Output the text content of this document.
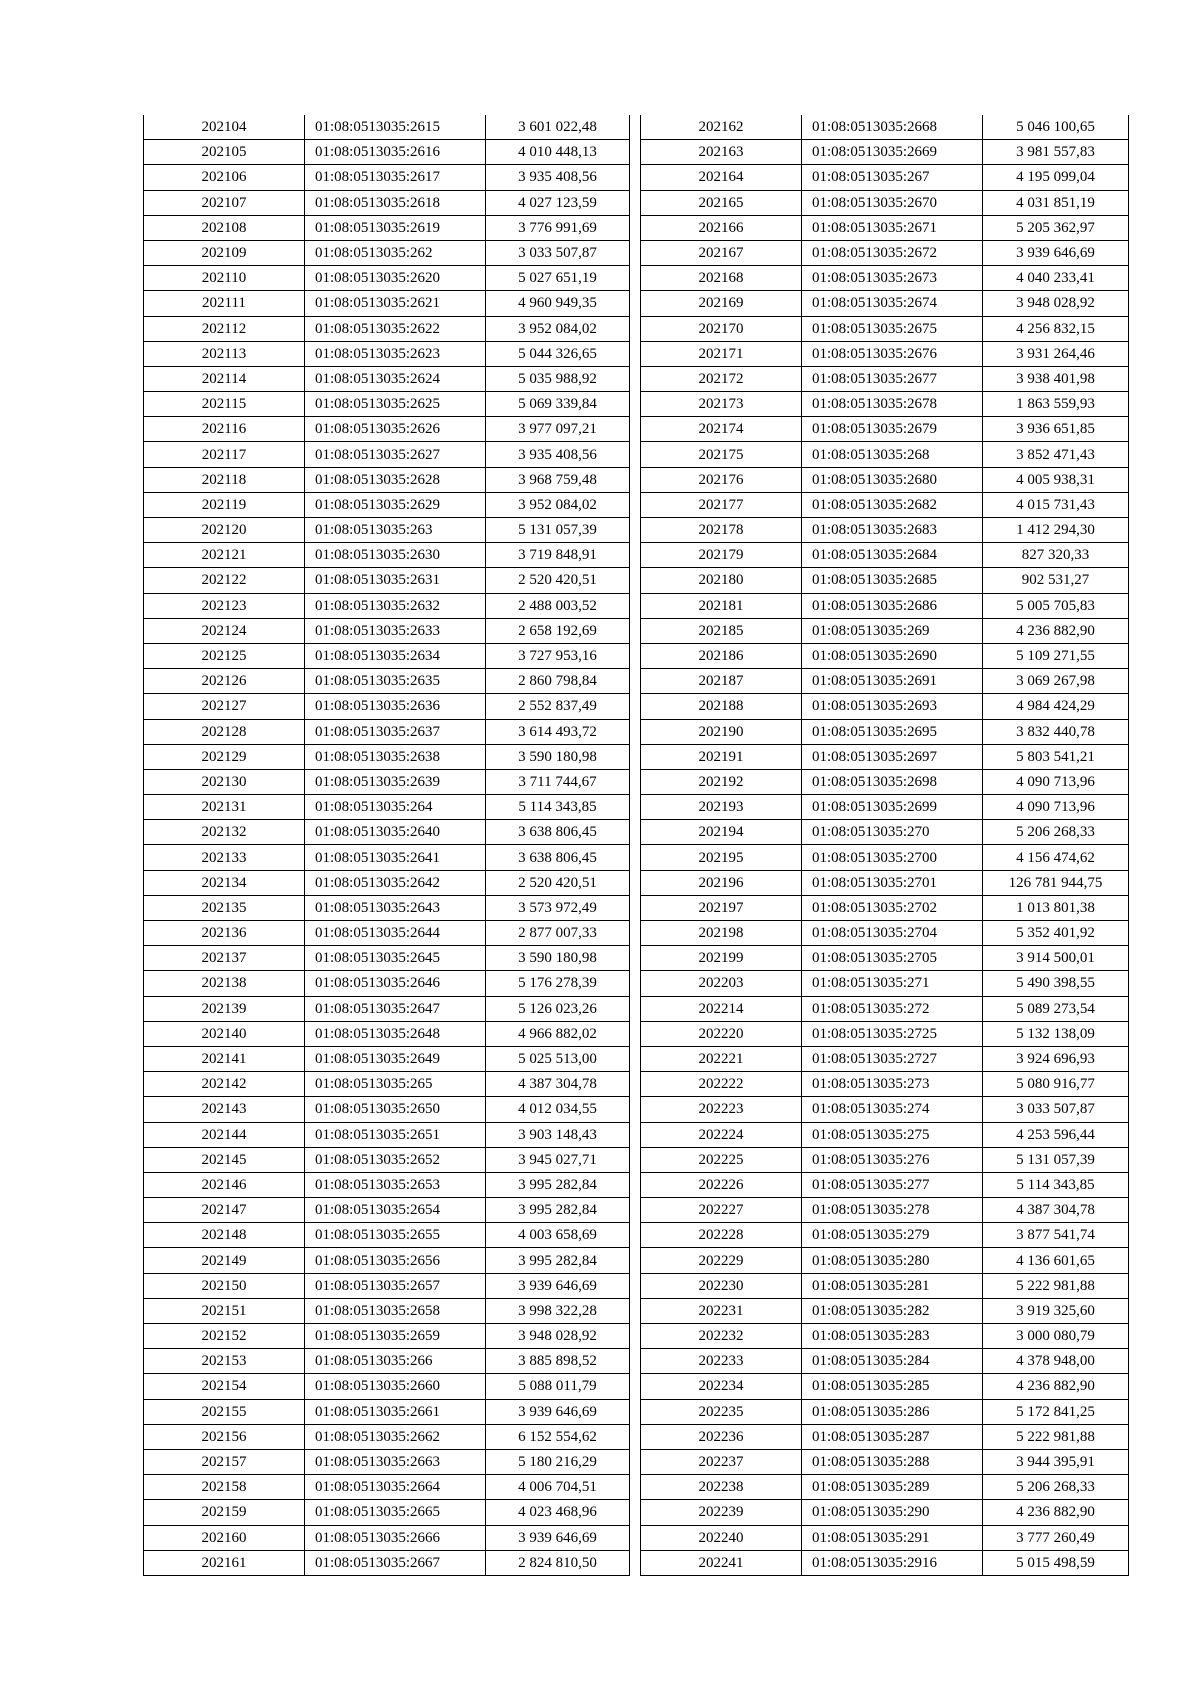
202104	01:08:0513035:2615	3 601 022,48
202105	01:08:0513035:2616	4 010 448,13
202106	01:08:0513035:2617	3 935 408,56
202107	01:08:0513035:2618	4 027 123,59
202108	01:08:0513035:2619	3 776 991,69
202109	01:08:0513035:262	3 033 507,87
202110	01:08:0513035:2620	5 027 651,19
202111	01:08:0513035:2621	4 960 949,35
202112	01:08:0513035:2622	3 952 084,02
202113	01:08:0513035:2623	5 044 326,65
202114	01:08:0513035:2624	5 035 988,92
202115	01:08:0513035:2625	5 069 339,84
202116	01:08:0513035:2626	3 977 097,21
202117	01:08:0513035:2627	3 935 408,56
202118	01:08:0513035:2628	3 968 759,48
202119	01:08:0513035:2629	3 952 084,02
202120	01:08:0513035:263	5 131 057,39
202121	01:08:0513035:2630	3 719 848,91
202122	01:08:0513035:2631	2 520 420,51
202123	01:08:0513035:2632	2 488 003,52
202124	01:08:0513035:2633	2 658 192,69
202125	01:08:0513035:2634	3 727 953,16
202126	01:08:0513035:2635	2 860 798,84
202127	01:08:0513035:2636	2 552 837,49
202128	01:08:0513035:2637	3 614 493,72
202129	01:08:0513035:2638	3 590 180,98
202130	01:08:0513035:2639	3 711 744,67
202131	01:08:0513035:264	5 114 343,85
202132	01:08:0513035:2640	3 638 806,45
202133	01:08:0513035:2641	3 638 806,45
202134	01:08:0513035:2642	2 520 420,51
202135	01:08:0513035:2643	3 573 972,49
202136	01:08:0513035:2644	2 877 007,33
202137	01:08:0513035:2645	3 590 180,98
202138	01:08:0513035:2646	5 176 278,39
202139	01:08:0513035:2647	5 126 023,26
202140	01:08:0513035:2648	4 966 882,02
202141	01:08:0513035:2649	5 025 513,00
202142	01:08:0513035:265	4 387 304,78
202143	01:08:0513035:2650	4 012 034,55
202144	01:08:0513035:2651	3 903 148,43
202145	01:08:0513035:2652	3 945 027,71
202146	01:08:0513035:2653	3 995 282,84
202147	01:08:0513035:2654	3 995 282,84
202148	01:08:0513035:2655	4 003 658,69
202149	01:08:0513035:2656	3 995 282,84
202150	01:08:0513035:2657	3 939 646,69
202151	01:08:0513035:2658	3 998 322,28
202152	01:08:0513035:2659	3 948 028,92
202153	01:08:0513035:266	3 885 898,52
202154	01:08:0513035:2660	5 088 011,79
202155	01:08:0513035:2661	3 939 646,69
202156	01:08:0513035:2662	6 152 554,62
202157	01:08:0513035:2663	5 180 216,29
202158	01:08:0513035:2664	4 006 704,51
202159	01:08:0513035:2665	4 023 468,96
202160	01:08:0513035:2666	3 939 646,69
202161	01:08:0513035:2667	2 824 810,50
202162	01:08:0513035:2668	5 046 100,65
202163	01:08:0513035:2669	3 981 557,83
202164	01:08:0513035:267	4 195 099,04
202165	01:08:0513035:2670	4 031 851,19
202166	01:08:0513035:2671	5 205 362,97
202167	01:08:0513035:2672	3 939 646,69
202168	01:08:0513035:2673	4 040 233,41
202169	01:08:0513035:2674	3 948 028,92
202170	01:08:0513035:2675	4 256 832,15
202171	01:08:0513035:2676	3 931 264,46
202172	01:08:0513035:2677	3 938 401,98
202173	01:08:0513035:2678	1 863 559,93
202174	01:08:0513035:2679	3 936 651,85
202175	01:08:0513035:268	3 852 471,43
202176	01:08:0513035:2680	4 005 938,31
202177	01:08:0513035:2682	4 015 731,43
202178	01:08:0513035:2683	1 412 294,30
202179	01:08:0513035:2684	827 320,33
202180	01:08:0513035:2685	902 531,27
202181	01:08:0513035:2686	5 005 705,83
202185	01:08:0513035:269	4 236 882,90
202186	01:08:0513035:2690	5 109 271,55
202187	01:08:0513035:2691	3 069 267,98
202188	01:08:0513035:2693	4 984 424,29
202190	01:08:0513035:2695	3 832 440,78
202191	01:08:0513035:2697	5 803 541,21
202192	01:08:0513035:2698	4 090 713,96
202193	01:08:0513035:2699	4 090 713,96
202194	01:08:0513035:270	5 206 268,33
202195	01:08:0513035:2700	4 156 474,62
202196	01:08:0513035:2701	126 781 944,75
202197	01:08:0513035:2702	1 013 801,38
202198	01:08:0513035:2704	5 352 401,92
202199	01:08:0513035:2705	3 914 500,01
202203	01:08:0513035:271	5 490 398,55
202214	01:08:0513035:272	5 089 273,54
202220	01:08:0513035:2725	5 132 138,09
202221	01:08:0513035:2727	3 924 696,93
202222	01:08:0513035:273	5 080 916,77
202223	01:08:0513035:274	3 033 507,87
202224	01:08:0513035:275	4 253 596,44
202225	01:08:0513035:276	5 131 057,39
202226	01:08:0513035:277	5 114 343,85
202227	01:08:0513035:278	4 387 304,78
202228	01:08:0513035:279	3 877 541,74
202229	01:08:0513035:280	4 136 601,65
202230	01:08:0513035:281	5 222 981,88
202231	01:08:0513035:282	3 919 325,60
202232	01:08:0513035:283	3 000 080,79
202233	01:08:0513035:284	4 378 948,00
202234	01:08:0513035:285	4 236 882,90
202235	01:08:0513035:286	5 172 841,25
202236	01:08:0513035:287	5 222 981,88
202237	01:08:0513035:288	3 944 395,91
202238	01:08:0513035:289	5 206 268,33
202239	01:08:0513035:290	4 236 882,90
202240	01:08:0513035:291	3 777 260,49
202241	01:08:0513035:2916	5 015 498,59
